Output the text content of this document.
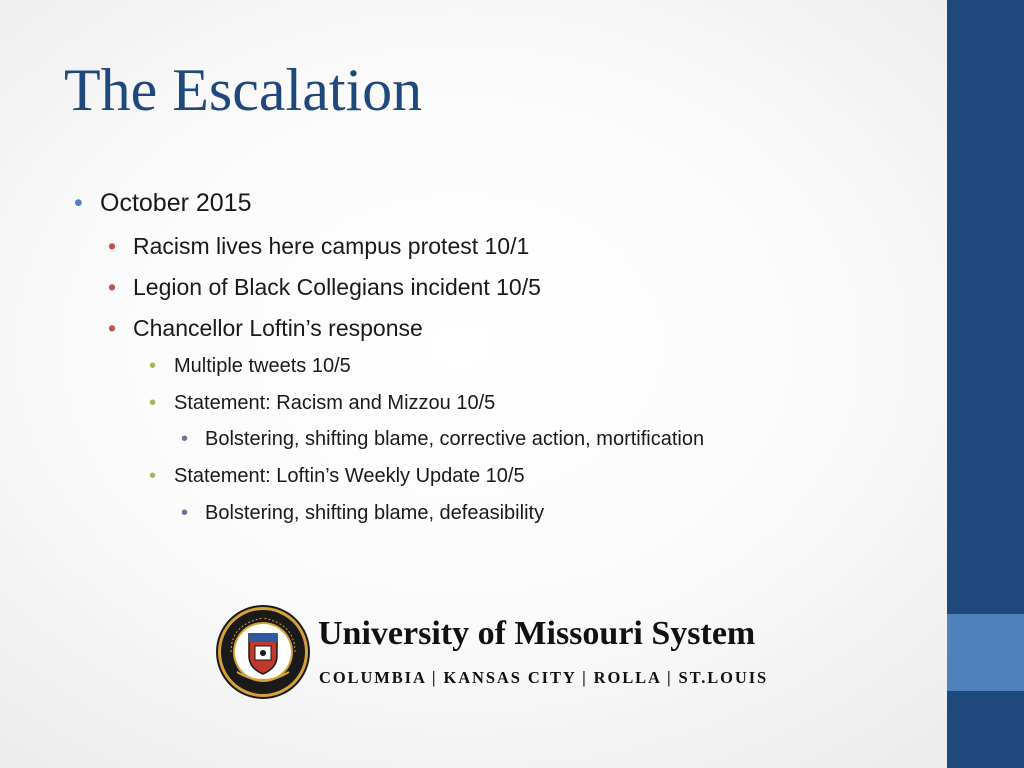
The Escalation
• October 2015
• Racism lives here campus protest 10/1
• Legion of Black Collegians incident 10/5
• Chancellor Loftin’s response
• Multiple tweets 10/5
• Statement: Racism and Mizzou 10/5
• Bolstering, shifting blame, corrective action, mortification
• Statement: Loftin’s Weekly Update 10/5
• Bolstering, shifting blame, defeasibility
University of Missouri System
COLUMBIA | KANSAS CITY | ROLLA | ST.LOUIS
